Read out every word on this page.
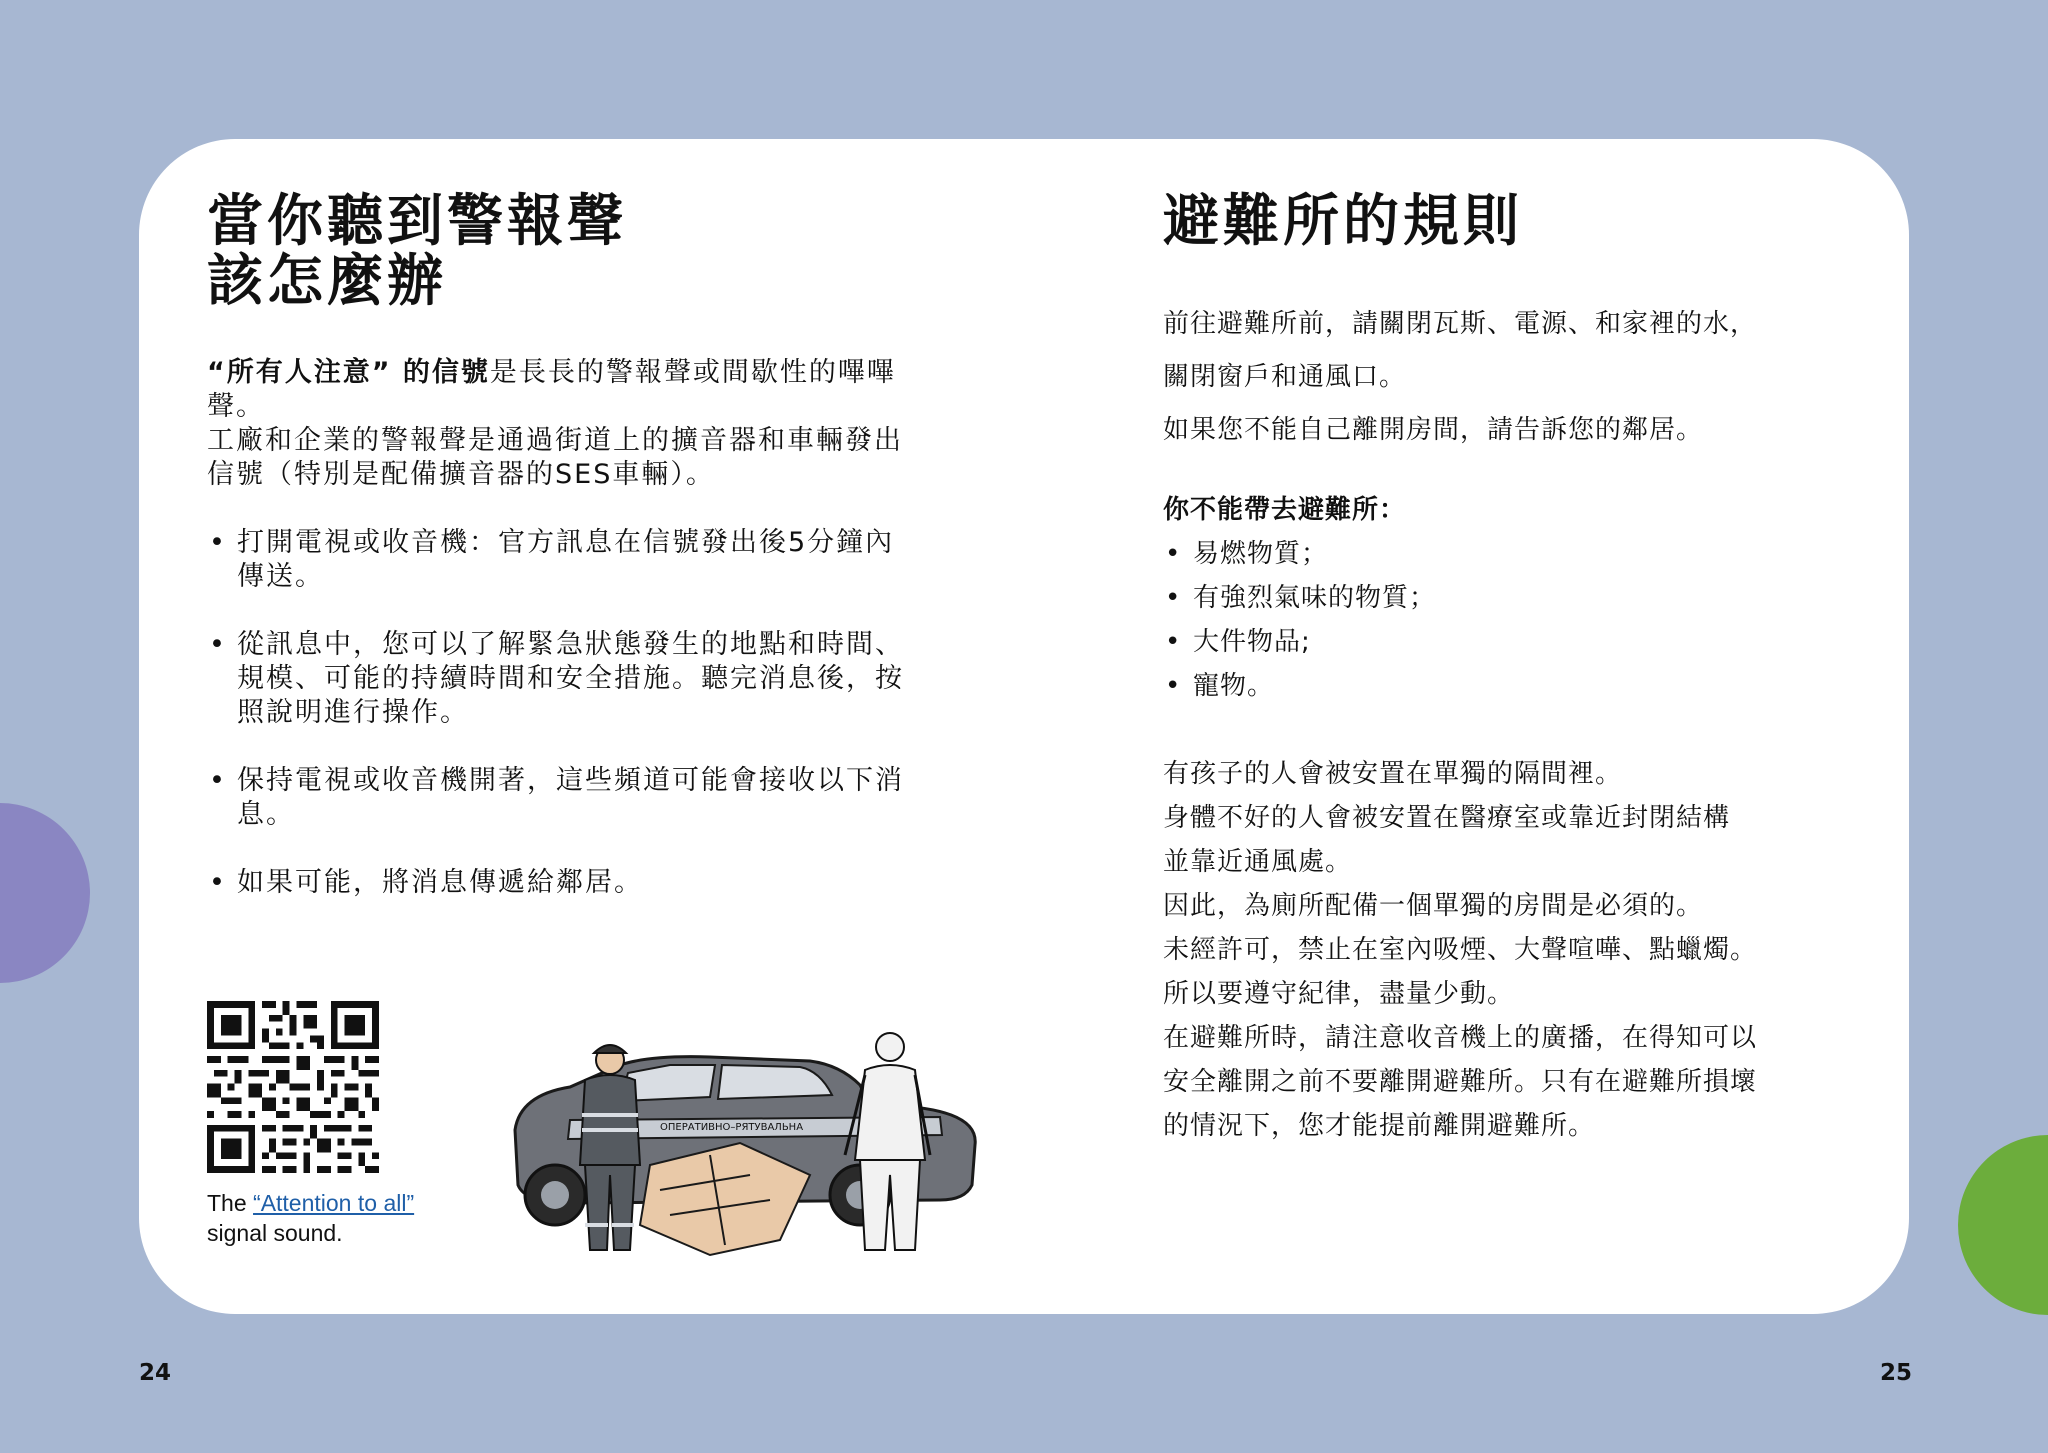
當你聽到警報聲
該怎麼辦

“所有人注意” 的信號是長長的警報聲或間歇性的嗶嗶聲。

工廠和企業的警報聲是通過街道上的擴音器和車輛發出信號（特別是配備擴音器的SES車輛）。

• 打開電視或收音機：官方訊息在信號發出後5分鐘內傳送。
• 從訊息中，您可以了解緊急狀態發生的地點和時間、規模、可能的持續時間和安全措施。聽完消息後，按照說明進行操作。
• 保持電視或收音機開著，這些頻道可能會接收以下消息。
• 如果可能，將消息傳遞給鄰居。
The “Attention to all”
signal sound.
ОПЕРАТИВНО–РЯТУВАЛЬНА
24
避難所的規則

前往避難所前，請關閉瓦斯、電源、和家裡的水，

關閉窗戶和通風口。

如果您不能自己離開房間，請告訴您的鄰居。

你不能帶去避難所：

• 易燃物質；
• 有強烈氣味的物質；
• 大件物品;
• 寵物。

有孩子的人會被安置在單獨的隔間裡。

身體不好的人會被安置在醫療室或靠近封閉結構

並靠近通風處。

因此，為廁所配備一個單獨的房間是必須的。

未經許可，禁止在室內吸煙、大聲喧嘩、點蠟燭。

所以要遵守紀律，盡量少動。

在避難所時，請注意收音機上的廣播，在得知可以

安全離開之前不要離開避難所。只有在避難所損壞

的情況下，您才能提前離開避難所。

25
